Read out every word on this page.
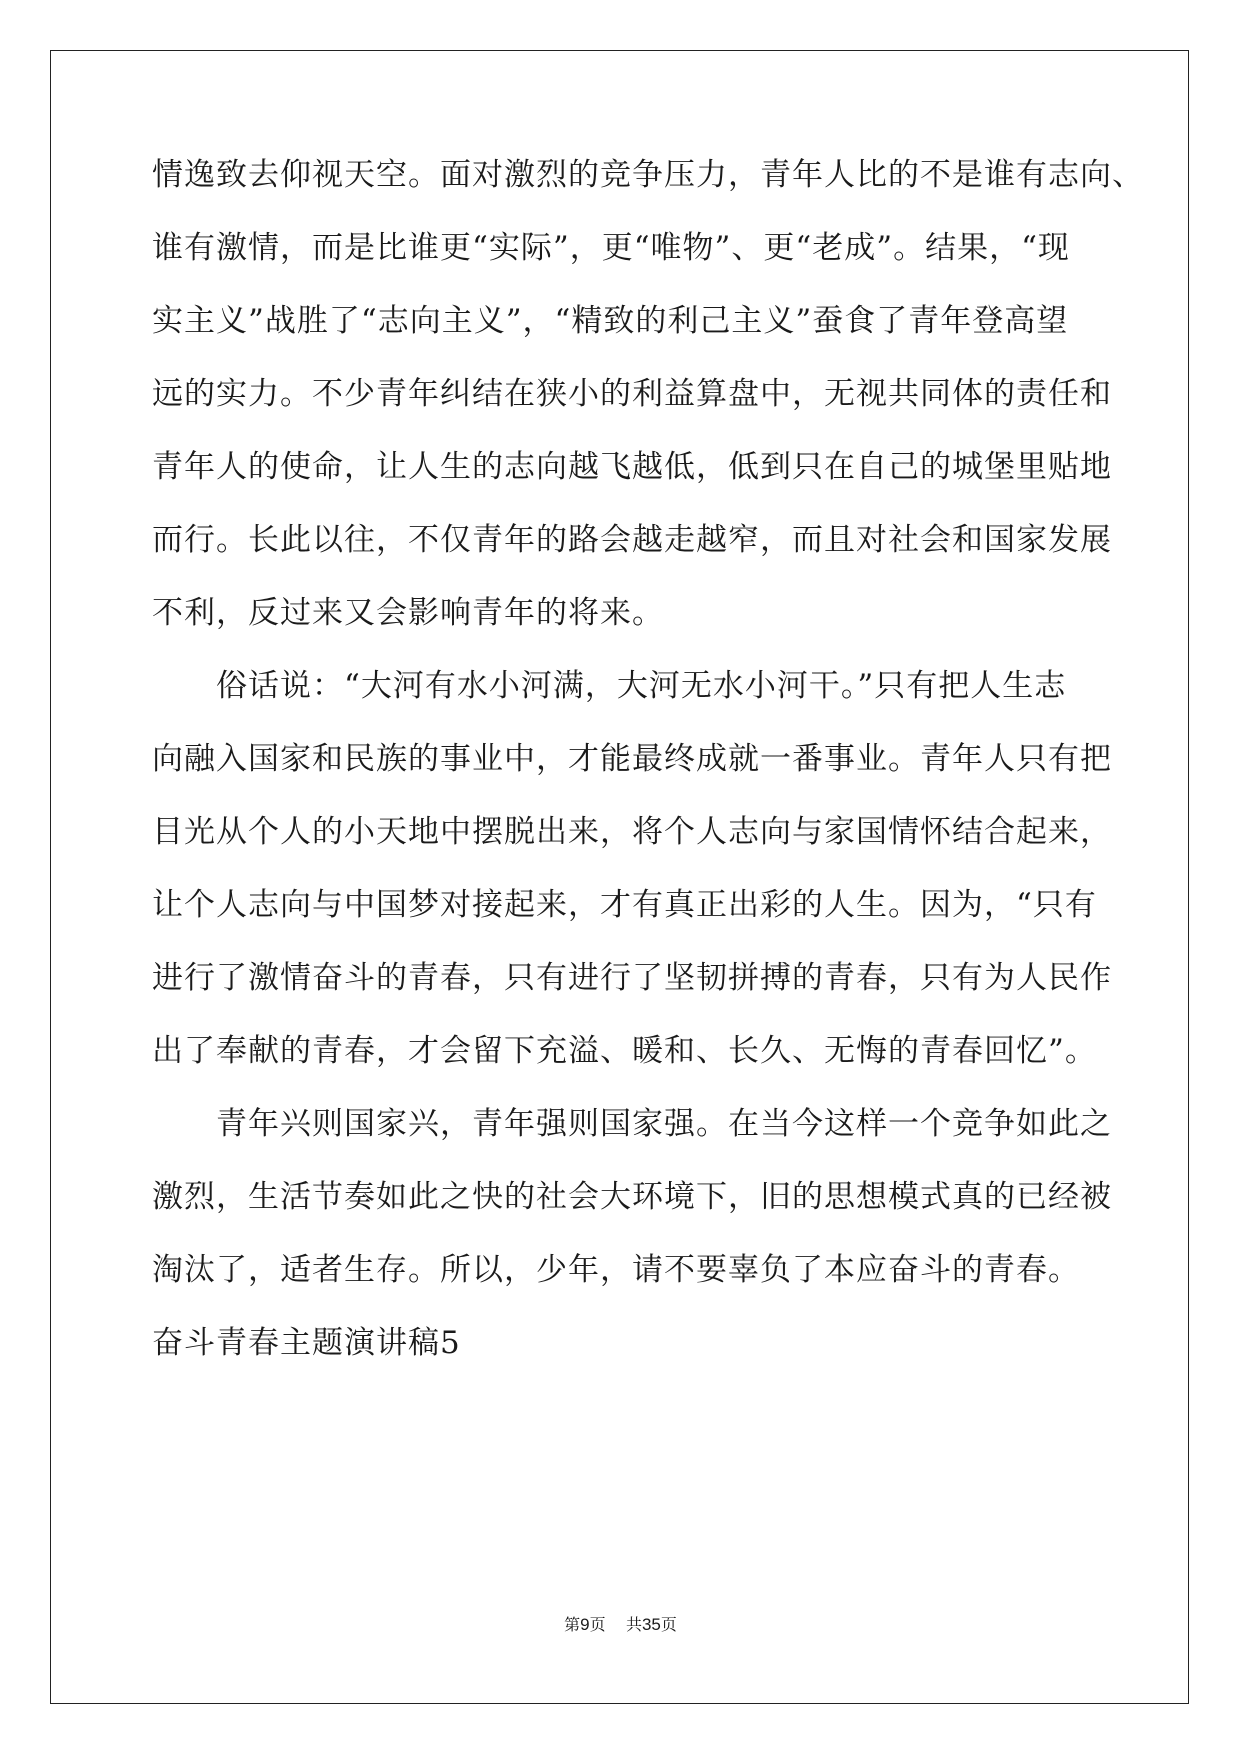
情逸致去仰视天空。面对激烈的竞争压力，青年人比的不是谁有志向、
谁有激情，而是比谁更“实际”，更“唯物”、更“老成”。结果，“现
实主义”战胜了“志向主义”，“精致的利己主义”蚕食了青年登高望
远的实力。不少青年纠结在狭小的利益算盘中，无视共同体的责任和
青年人的使命，让人生的志向越飞越低，低到只在自己的城堡里贴地
而行。长此以往，不仅青年的路会越走越窄，而且对社会和国家发展
不利，反过来又会影响青年的将来。
　　俗话说：“大河有水小河满，大河无水小河干。”只有把人生志
向融入国家和民族的事业中，才能最终成就一番事业。青年人只有把
目光从个人的小天地中摆脱出来，将个人志向与家国情怀结合起来，
让个人志向与中国梦对接起来，才有真正出彩的人生。因为，“只有
进行了激情奋斗的青春，只有进行了坚韧拼搏的青春，只有为人民作
出了奉献的青春，才会留下充溢、暖和、长久、无悔的青春回忆”。
　　青年兴则国家兴，青年强则国家强。在当今这样一个竞争如此之
激烈，生活节奏如此之快的社会大环境下，旧的思想模式真的已经被
淘汰了，适者生存。所以，少年，请不要辜负了本应奋斗的青春。
奋斗青春主题演讲稿5
第9页 共35页
